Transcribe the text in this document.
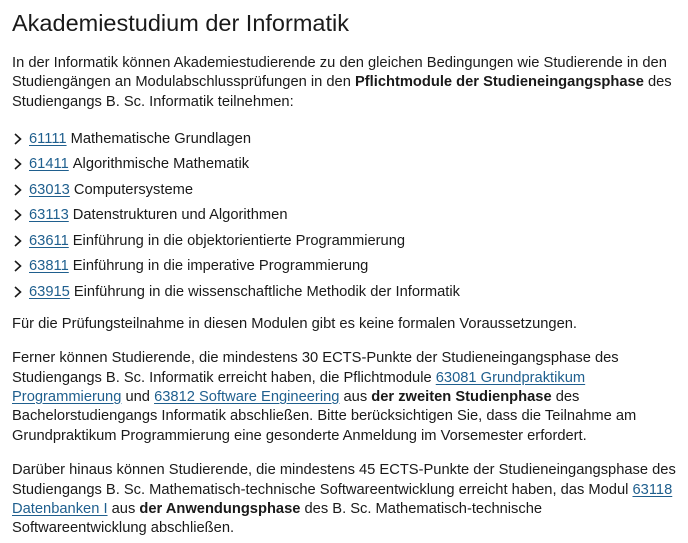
Akademiestudium der Informatik

In der Informatik können Akademiestudierende zu den gleichen Bedingungen wie Studierende in den Studiengängen an Modulabschlussprüfungen in den Pflichtmodule der Studieneingangsphase des Studiengangs B. Sc. Informatik teilnehmen:

61111 Mathematische Grundlagen
61411 Algorithmische Mathematik
63013 Computersysteme
63113 Datenstrukturen und Algorithmen
63611 Einführung in die objektorientierte Programmierung
63811 Einführung in die imperative Programmierung
63915 Einführung in die wissenschaftliche Methodik der Informatik

Für die Prüfungsteilnahme in diesen Modulen gibt es keine formalen Voraussetzungen.

Ferner können Studierende, die mindestens 30 ECTS-Punkte der Studieneingangsphase des Studiengangs B. Sc. Informatik erreicht haben, die Pflichtmodule 63081 Grundpraktikum Programmierung und 63812 Software Engineering aus der zweiten Studienphase des Bachelorstudiengangs Informatik abschließen. Bitte berücksichtigen Sie, dass die Teilnahme am Grundpraktikum Programmierung eine gesonderte Anmeldung im Vorsemester erfordert.

Darüber hinaus können Studierende, die mindestens 45 ECTS-Punkte der Studieneingangsphase des Studiengangs B. Sc. Mathematisch-technische Softwareentwicklung erreicht haben, das Modul 63118 Datenbanken I aus der Anwendungsphase des B. Sc. Mathematisch-technische Softwareentwicklung abschließen.
